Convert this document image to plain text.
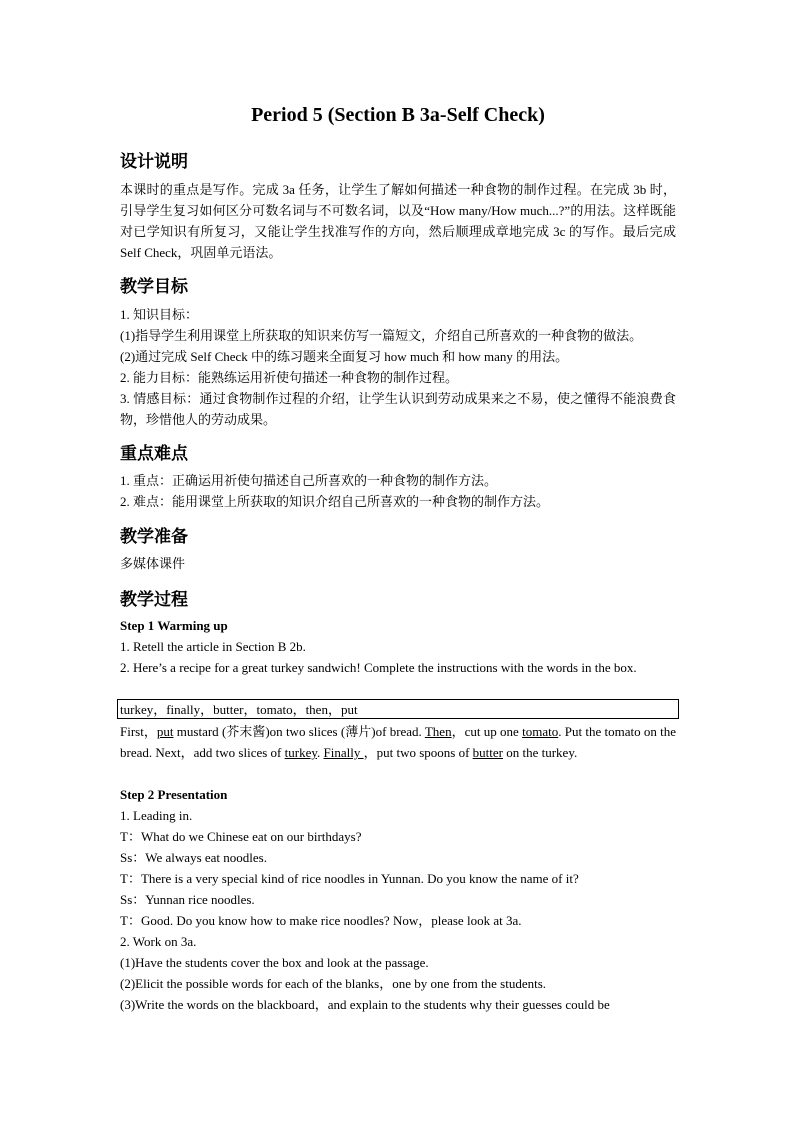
Period 5 (Section B 3a-Self Check)
设计说明
本课时的重点是写作。完成 3a 任务，让学生了解如何描述一种食物的制作过程。在完成 3b 时，引导学生复习如何区分可数名词与不可数名词，以及“How many/How much...?”的用法。这样既能对已学知识有所复习，又能让学生找准写作的方向，然后顺理成章地完成 3c 的写作。最后完成 Self Check，巩固单元语法。
教学目标
1. 知识目标：
(1)指导学生利用课堂上所获取的知识来仿写一篇短文，介绍自己所喜欢的一种食物的做法。
(2)通过完成 Self Check 中的练习题来全面复习 how much 和 how many 的用法。
2. 能力目标：能熟练运用祈使句描述一种食物的制作过程。
3. 情感目标：通过食物制作过程的介绍，让学生认识到劳动成果来之不易，使之懂得不能浪费食物，珍惜他人的劳动成果。
重点难点
1. 重点：正确运用祈使句描述自己所喜欢的一种食物的制作方法。
2. 难点：能用课堂上所获取的知识介绍自己所喜欢的一种食物的制作方法。
教学准备
多媒体课件
教学过程
Step 1 Warming up
1. Retell the article in Section B 2b.
2. Here’s a recipe for a great turkey sandwich! Complete the instructions with the words in the box.
turkey，finally，butter，tomato，then，put
First，put mustard (芥末酱)on two slices (薄片)of bread. Then，cut up one tomato. Put the tomato on the bread. Next，add two slices of turkey. Finally ，put two spoons of butter on the turkey.
Step 2 Presentation
1. Leading in.
T：What do we Chinese eat on our birthdays?
Ss：We always eat noodles.
T：There is a very special kind of rice noodles in Yunnan. Do you know the name of it?
Ss：Yunnan rice noodles.
T：Good. Do you know how to make rice noodles? Now，please look at 3a.
2. Work on 3a.
(1)Have the students cover the box and look at the passage.
(2)Elicit the possible words for each of the blanks，one by one from the students.
(3)Write the words on the blackboard，and explain to the students why their guesses could be
